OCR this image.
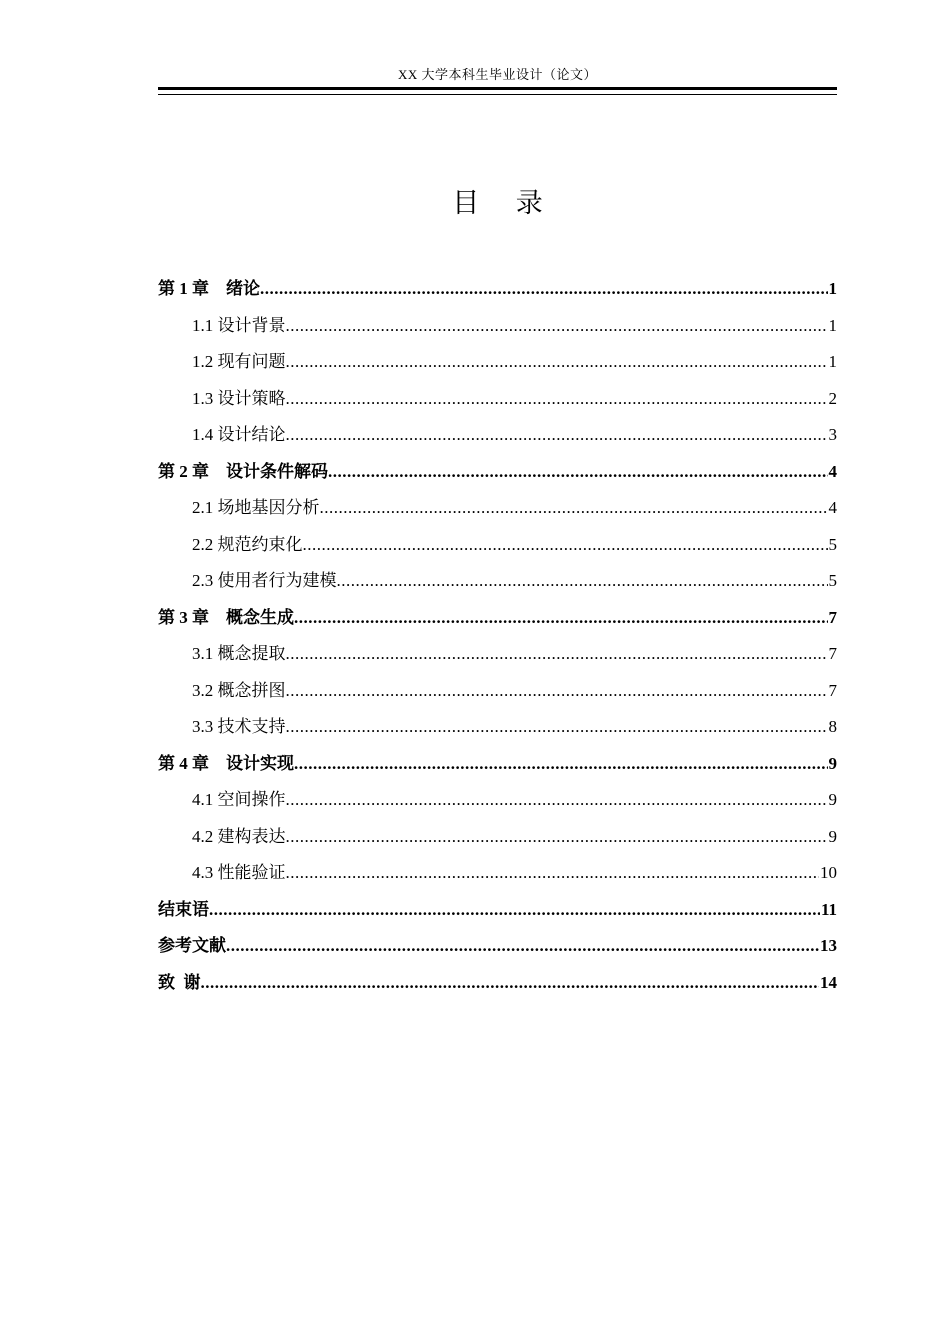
XX 大学本科生毕业设计（论文）
目 录
第 1 章　绪论 .....	1
1.1 设计背景 .....	1
1.2 现有问题 .....	1
1.3 设计策略 .....	2
1.4 设计结论 .....	3
第 2 章　设计条件解码 .....	4
2.1 场地基因分析 .....	4
2.2 规范约束化 .....	5
2.3 使用者行为建模 .....	5
第 3 章　概念生成 .....	7
3.1 概念提取 .....	7
3.2 概念拼图 .....	7
3.3 技术支持 .....	8
第 4 章　设计实现 .....	9
4.1 空间操作 .....	9
4.2 建构表达 .....	9
4.3 性能验证 .....	10
结束语 .....	11
参考文献 .....	13
致  谢 .....	14
